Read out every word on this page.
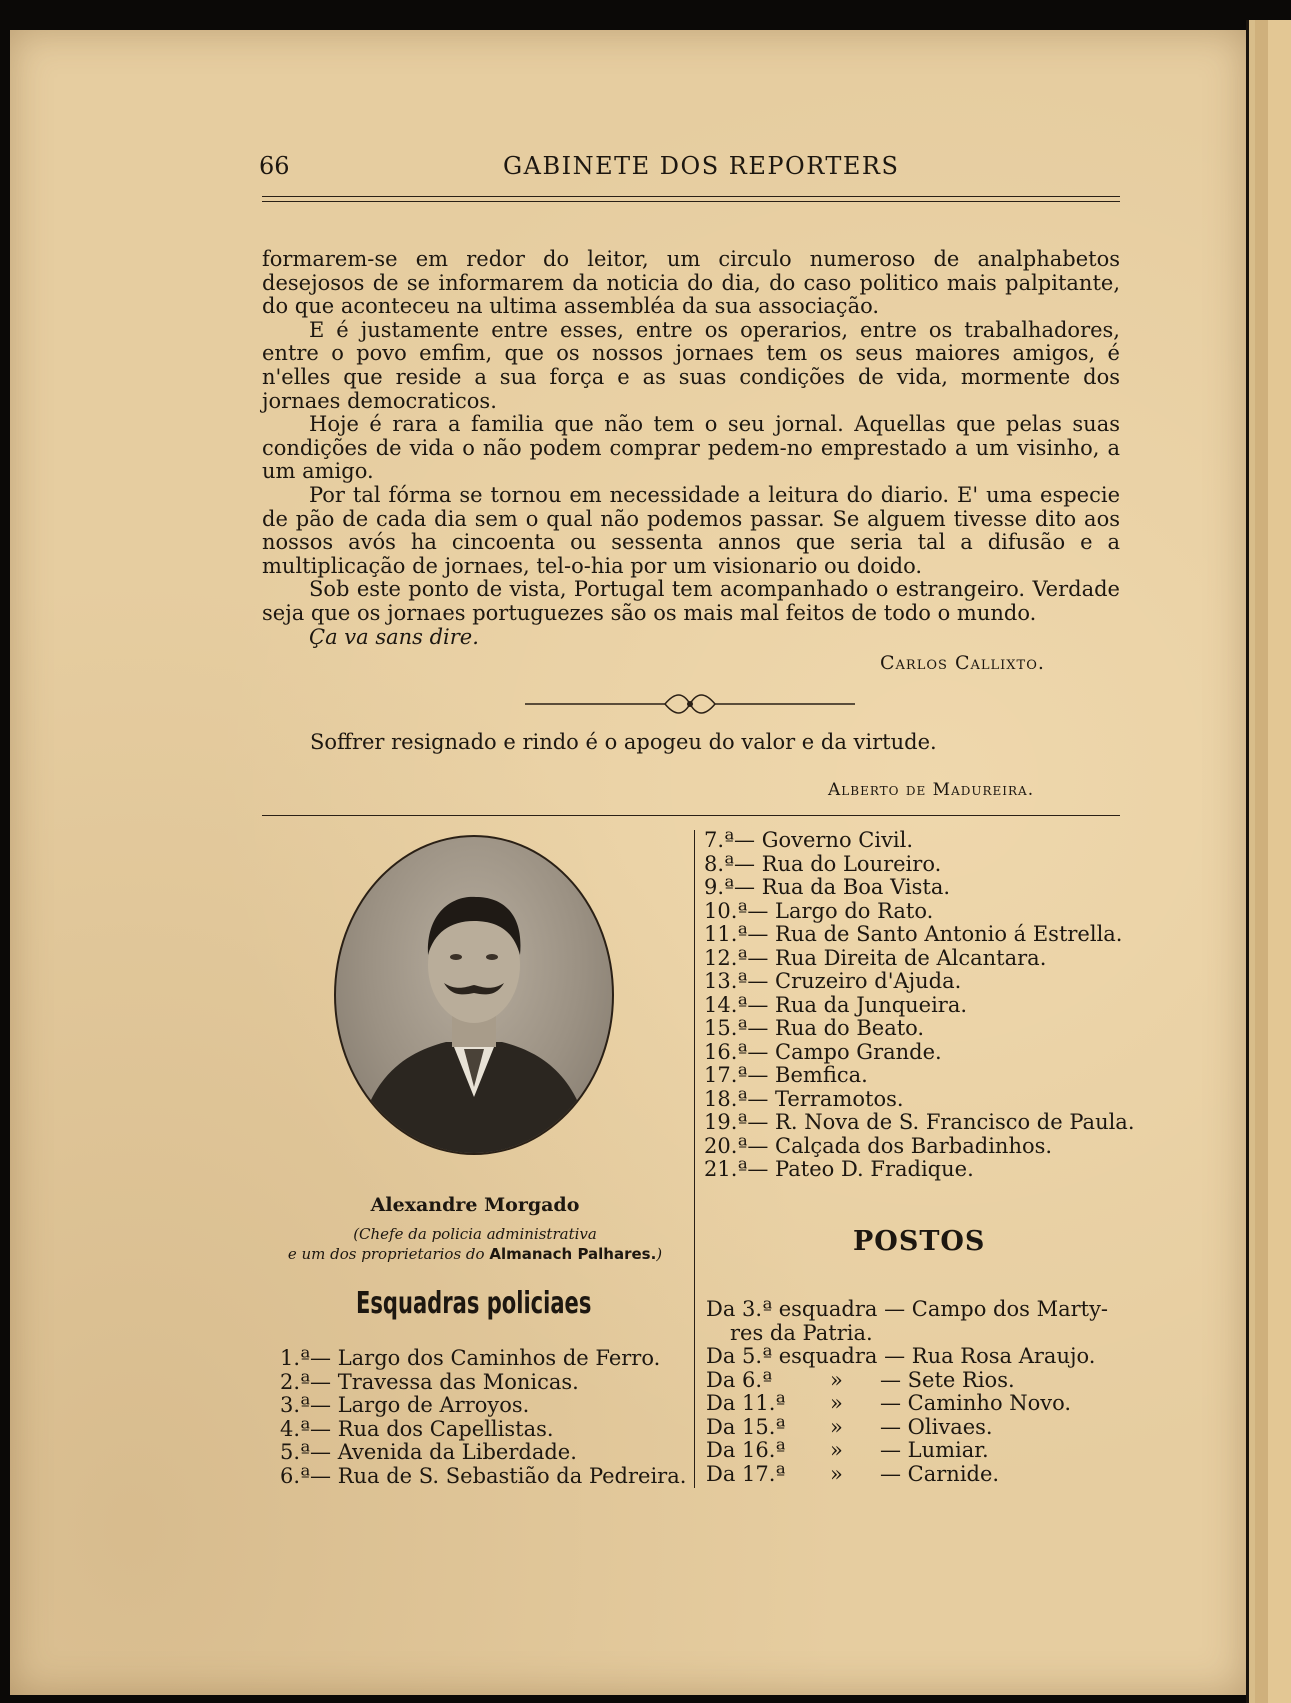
66	GABINETE DOS REPORTERS

formarem-se em redor do leitor, um circulo numeroso de analphabetos desejosos de se informarem da noticia do dia, do caso politico mais palpitante, do que aconteceu na ultima assembléa da sua associação.

E é justamente entre esses, entre os operarios, entre os trabalhadores, entre o povo emfim, que os nossos jornaes tem os seus maiores amigos, é n'elles que reside a sua força e as suas condições de vida, mormente dos jornaes democraticos.

Hoje é rara a familia que não tem o seu jornal. Aquellas que pelas suas condições de vida o não podem comprar pedem-no emprestado a um visinho, a um amigo.

Por tal fórma se tornou em necessidade a leitura do diario. E' uma especie de pão de cada dia sem o qual não podemos passar. Se alguem tivesse dito aos nossos avós ha cincoenta ou sessenta annos que seria tal a difusão e a multiplicação de jornaes, tel-o-hia por um visionario ou doido.

Sob este ponto de vista, Portugal tem acompanhado o estrangeiro. Verdade seja que os jornaes portuguezes são os mais mal feitos de todo o mundo.

Ça va sans dire.

Carlos Callixto.
Soffrer resignado e rindo é o apogeu do valor e da virtude.
Alberto de Madureira.
Alexandre Morgado
(Chefe da policia administrativa
e um dos proprietarios do Almanach Palhares.)
Esquadras policiaes
1.ª— Largo dos Caminhos de Ferro.
2.ª— Travessa das Monicas.
3.ª— Largo de Arroyos.
4.ª— Rua dos Capellistas.
5.ª— Avenida da Liberdade.
6.ª— Rua de S. Sebastião da Pedreira.
7.ª— Governo Civil.
8.ª— Rua do Loureiro.
9.ª— Rua da Boa Vista.
10.ª— Largo do Rato.
11.ª— Rua de Santo Antonio á Estrella.
12.ª— Rua Direita de Alcantara.
13.ª— Cruzeiro d'Ajuda.
14.ª— Rua da Junqueira.
15.ª— Rua do Beato.
16.ª— Campo Grande.
17.ª— Bemfica.
18.ª— Terramotos.
19.ª— R. Nova de S. Francisco de Paula.
20.ª— Calçada dos Barbadinhos.
21.ª— Pateo D. Fradique.
POSTOS
Da 3.ª esquadra — Campo dos Marty-
res da Patria.
Da 5.ª esquadra — Rua Rosa Araujo.
Da 6.ª	» — Sete Rios.
Da 11.ª » — Caminho Novo.
Da 15.ª » — Olivaes.
Da 16.ª » — Lumiar.
Da 17.ª » — Carnide.
